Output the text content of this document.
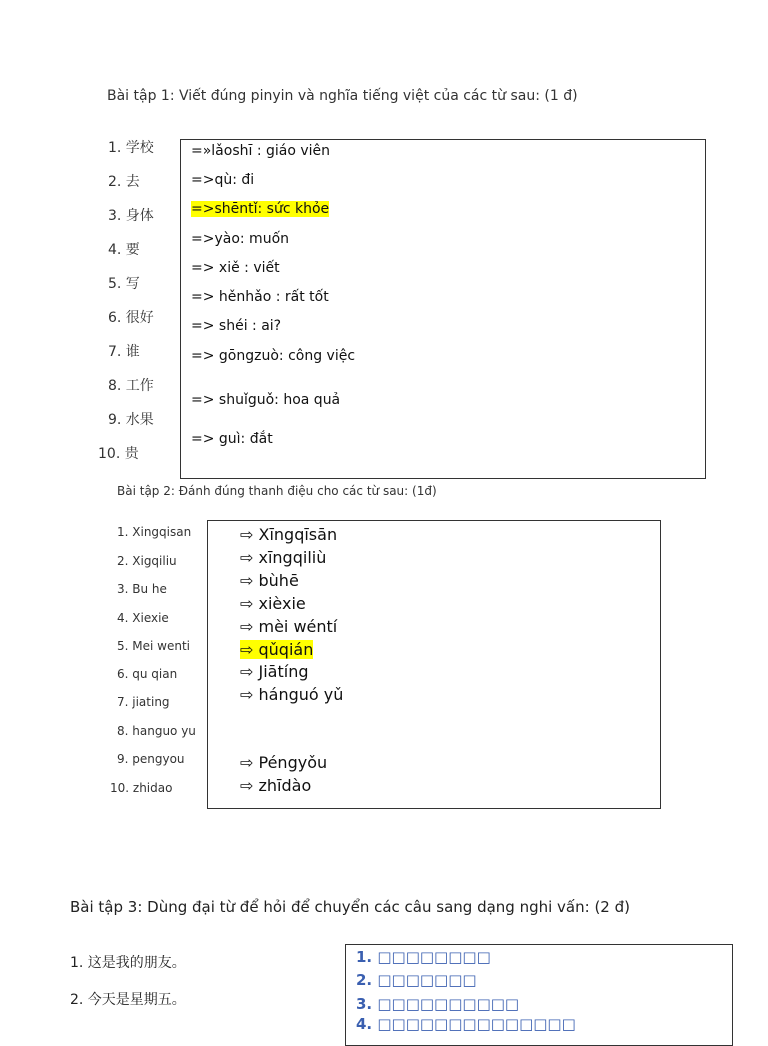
Bài tập 1: Viết đúng pinyin và nghĩa tiếng việt của các từ sau: (1 đ)
1. 学校
2. 去
3. 身体
4. 要
5. 写
6. 很好
7. 谁
8. 工作
9. 水果
10. 贵
=»lǎoshī : giáo viên
=>qù: đi
=>shēntǐ: sức khỏe
=>yào: muốn
=> xiě : viết
=> hěnhǎo : rất tốt
=> shéi : ai?
=> gōngzuò: công việc
=> shuǐguǒ: hoa quả
=> guì: đắt
Bài tập 2: Đánh đúng thanh điệu cho các từ sau: (1đ)
1. Xingqisan
2. Xigqiliu
3. Bu he
4. Xiexie
5. Mei wenti
6. qu qian
7. jiating
8. hanguo yu
9. pengyou
10. zhidao
⇨ Xīngqīsān
⇨ xīngqiliù
⇨ bùhē
⇨ xièxie
⇨ mèi wéntí
⇨ qǔqián
⇨ Jiātíng
⇨ hánguó yǔ
⇨ Péngyǒu
⇨ zhīdào
Bài tập 3: Dùng đại từ để hỏi để chuyển các câu sang dạng nghi vấn: (2 đ)
1. 这是我的朋友。
2. 今天是星期五。
1. □□□□□□□□
2. □□□□□□□
3. □□□□□□□□□□
4. □□□□□□□□□□□□□□
